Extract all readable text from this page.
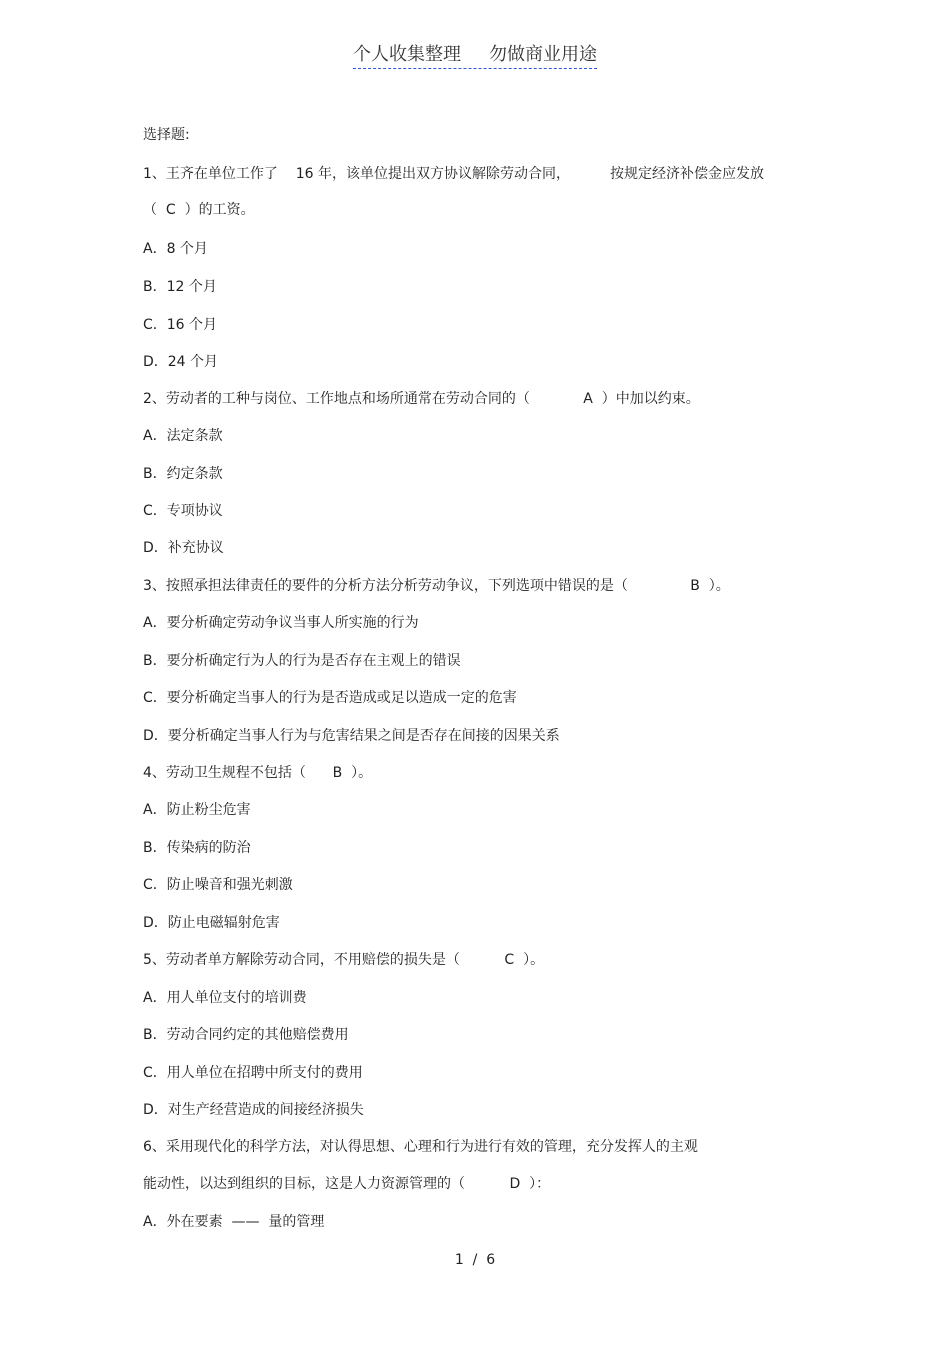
个人收集整理 勿做商业用途
选择题:
1、王齐在单位工作了    16 年，该单位提出双方协议解除劳动合同，         按规定经济补偿金应发放
（  C  ）的工资。
A．8 个月
B．12 个月
C．16 个月
D．24 个月
2、劳动者的工种与岗位、工作地点和场所通常在劳动合同的（            A  ）中加以约束。
A．法定条款
B．约定条款
C．专项协议
D．补充协议
3、按照承担法律责任的要件的分析方法分析劳动争议，下列选项中错误的是（              B  ）。
A．要分析确定劳动争议当事人所实施的行为
B．要分析确定行为人的行为是否存在主观上的错误
C．要分析确定当事人的行为是否造成或足以造成一定的危害
D．要分析确定当事人行为与危害结果之间是否存在间接的因果关系
4、劳动卫生规程不包括（      B  ）。
A．防止粉尘危害
B．传染病的防治
C．防止噪音和强光刺激
D．防止电磁辐射危害
5、劳动者单方解除劳动合同，不用赔偿的损失是（          C  ）。
A．用人单位支付的培训费
B．劳动合同约定的其他赔偿费用
C．用人单位在招聘中所支付的费用
D．对生产经营造成的间接经济损失
6、采用现代化的科学方法，对认得思想、心理和行为进行有效的管理，充分发挥人的主观
能动性，以达到组织的目标，这是人力资源管理的（          D  ）：
A．外在要素  ——  量的管理
1  /  6
